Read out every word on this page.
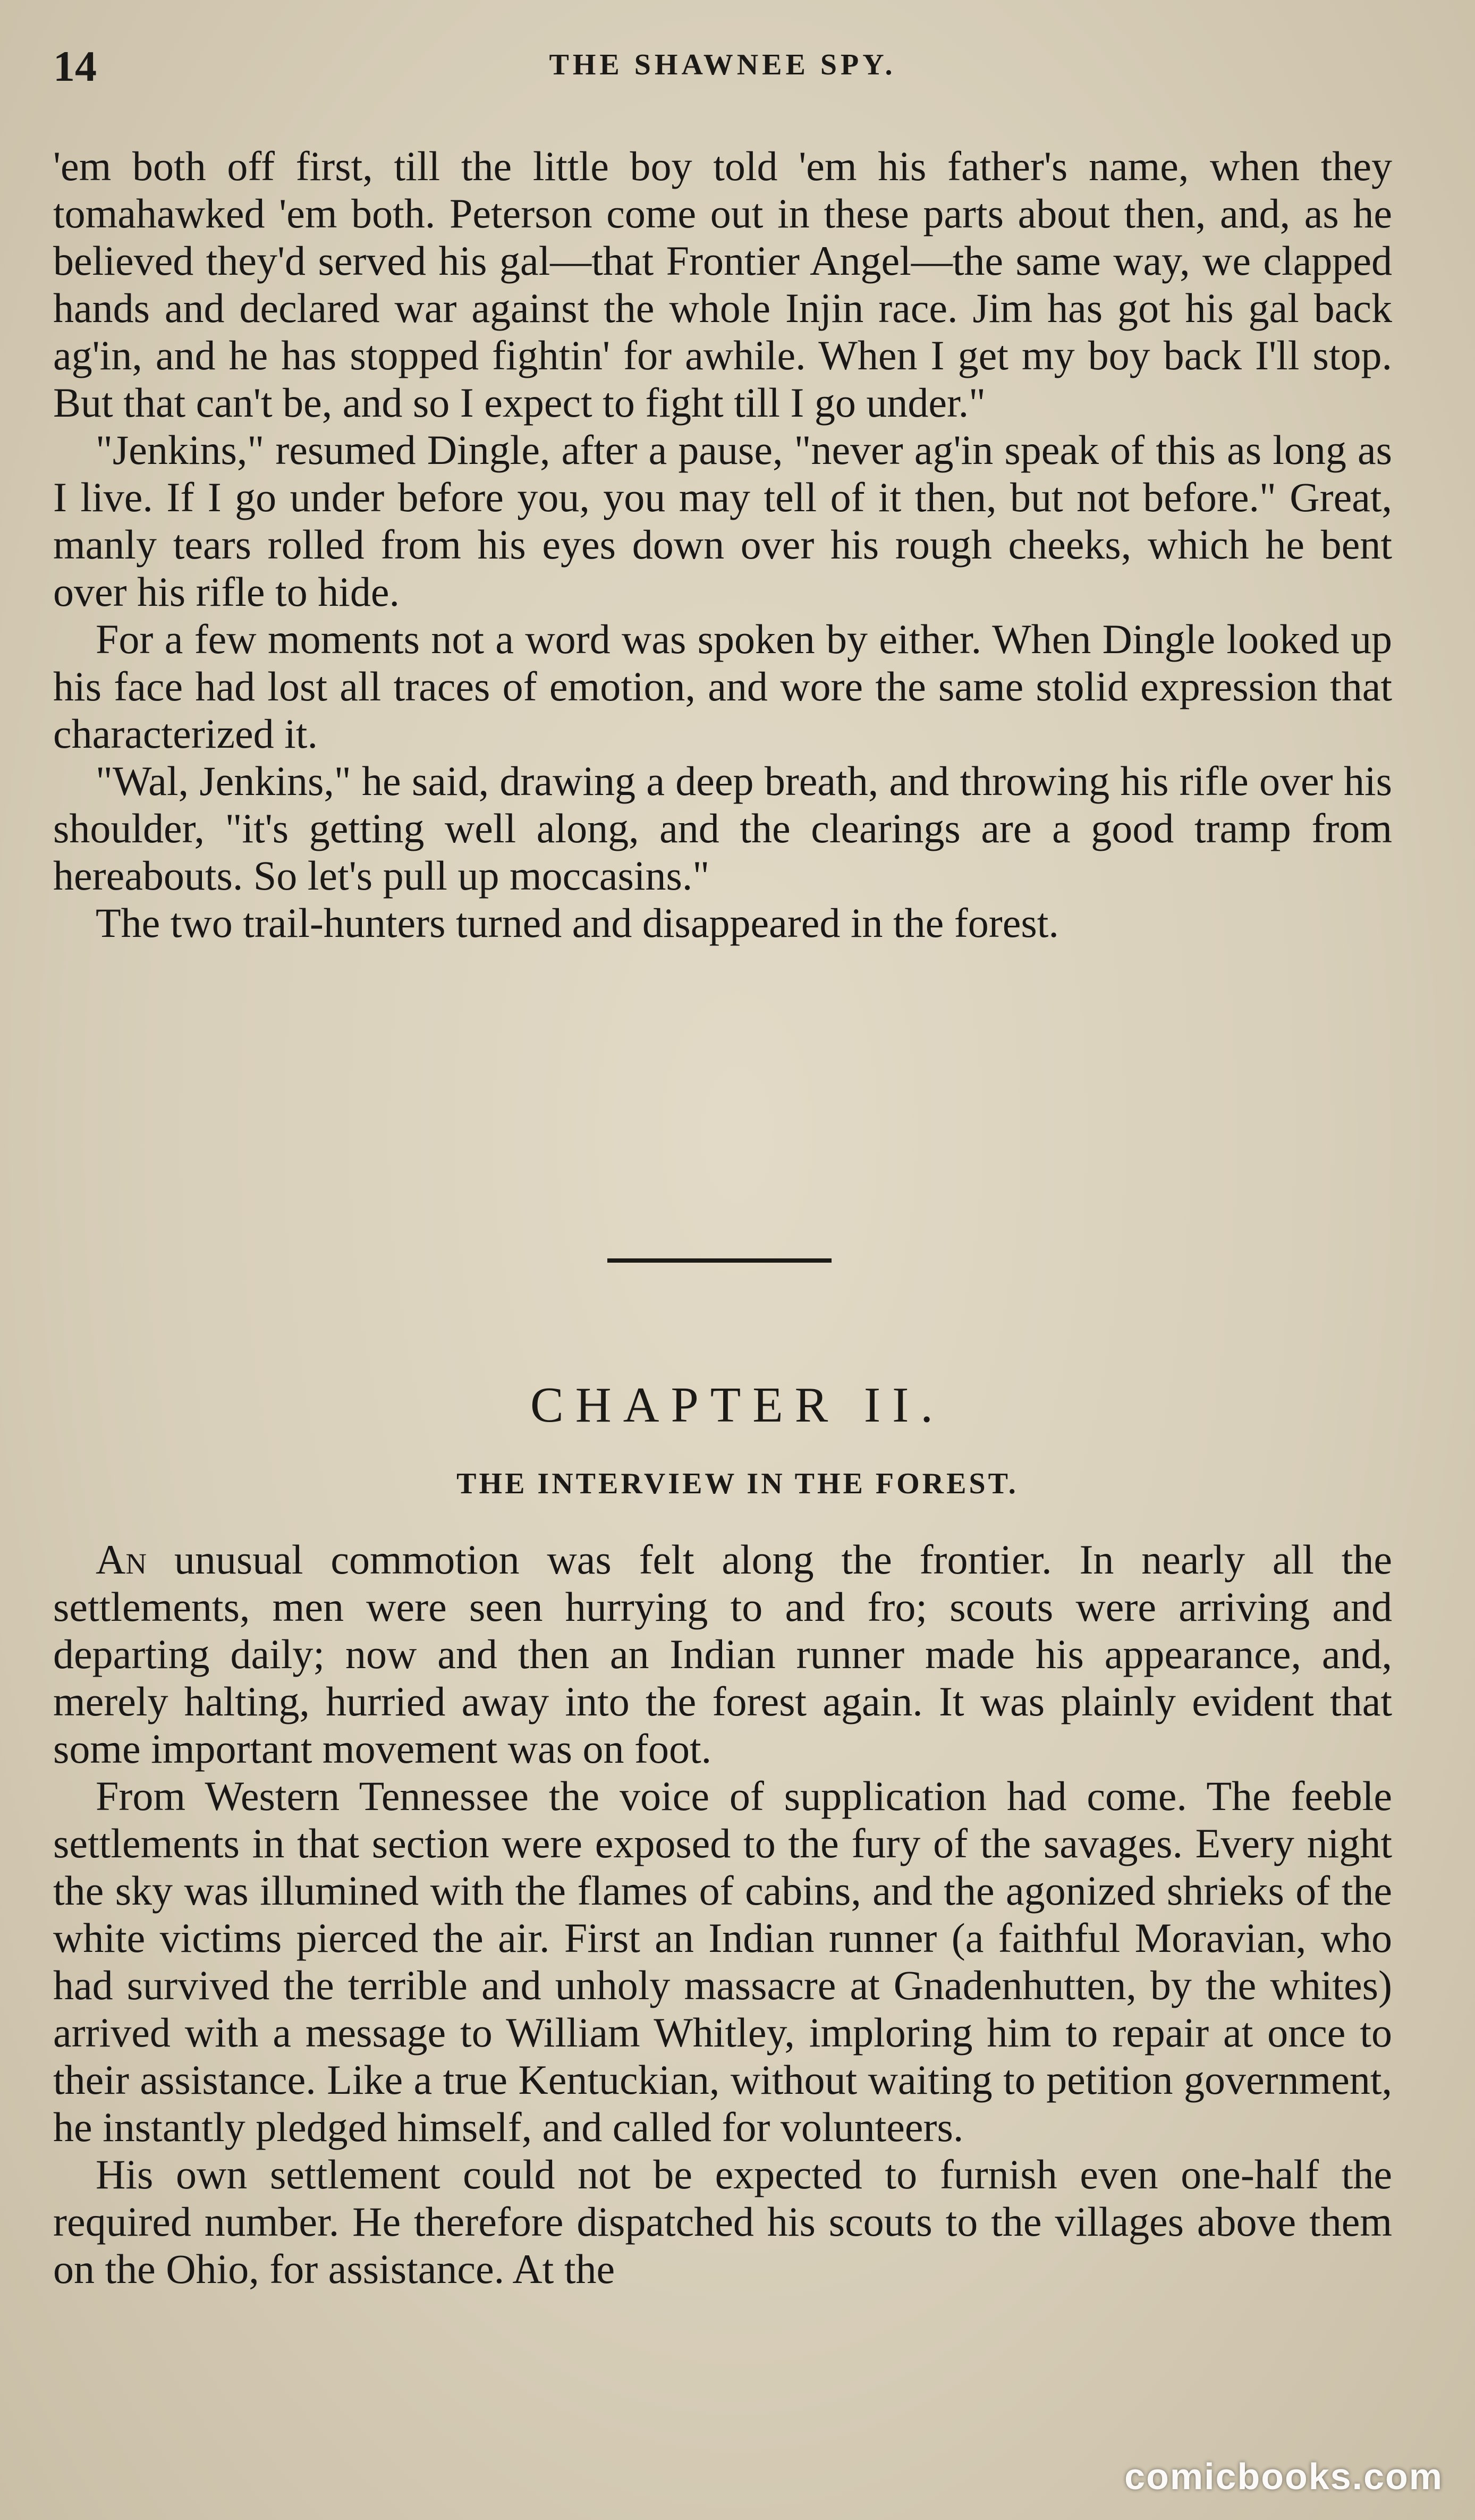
14	THE SHAWNEE SPY.

'em both off first, till the little boy told 'em his father's name, when they tomahawked 'em both. Peterson come out in these parts about then, and, as he believed they'd served his gal—that Frontier Angel—the same way, we clapped hands and declared war against the whole Injin race. Jim has got his gal back ag'in, and he has stopped fightin' for awhile. When I get my boy back I'll stop. But that can't be, and so I expect to fight till I go under."

"Jenkins," resumed Dingle, after a pause, "never ag'in speak of this as long as I live. If I go under before you, you may tell of it then, but not before." Great, manly tears rolled from his eyes down over his rough cheeks, which he bent over his rifle to hide.

For a few moments not a word was spoken by either. When Dingle looked up his face had lost all traces of emotion, and wore the same stolid expression that characterized it.

"Wal, Jenkins," he said, drawing a deep breath, and throwing his rifle over his shoulder, "it's getting well along, and the clearings are a good tramp from hereabouts. So let's pull up moccasins."

The two trail-hunters turned and disappeared in the forest.

CHAPTER II.
THE INTERVIEW IN THE FOREST.

An unusual commotion was felt along the frontier. In nearly all the settlements, men were seen hurrying to and fro; scouts were arriving and departing daily; now and then an Indian runner made his appearance, and, merely halting, hurried away into the forest again. It was plainly evident that some important movement was on foot.

From Western Tennessee the voice of supplication had come. The feeble settlements in that section were exposed to the fury of the savages. Every night the sky was illumined with the flames of cabins, and the agonized shrieks of the white victims pierced the air. First an Indian runner (a faithful Moravian, who had survived the terrible and unholy massacre at Gnadenhutten, by the whites) arrived with a message to William Whitley, imploring him to repair at once to their assistance. Like a true Kentuckian, without waiting to petition government, he instantly pledged himself, and called for volunteers.

His own settlement could not be expected to furnish even one-half the required number. He therefore dispatched his scouts to the villages above them on the Ohio, for assistance. At the

comicbooks.com
